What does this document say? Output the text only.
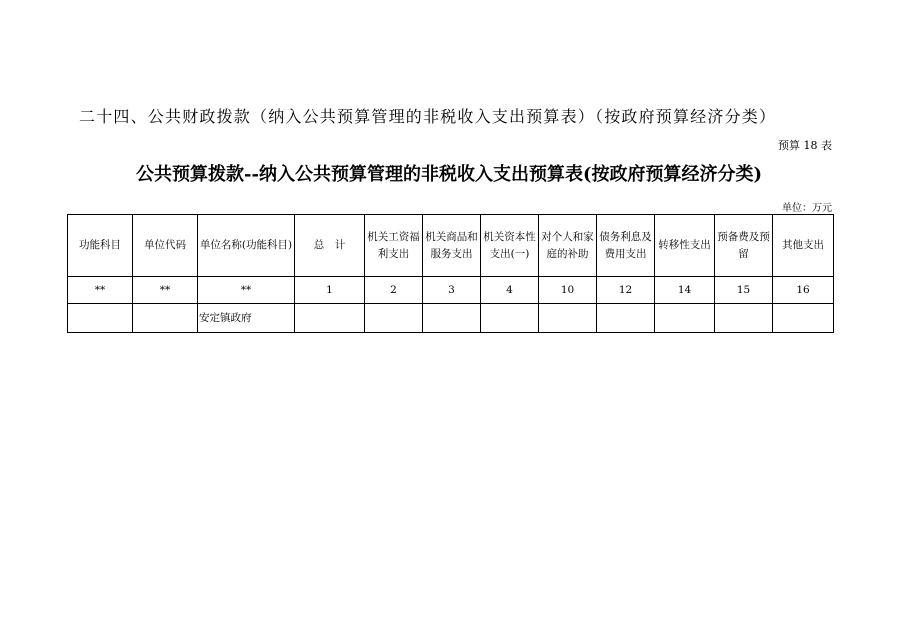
二十四、公共财政拨款（纳入公共预算管理的非税收入支出预算表）（按政府预算经济分类）
预算 18 表
公共预算拨款--纳入公共预算管理的非税收入支出预算表(按政府预算经济分类)
单位：万元
功能科目	单位代码	单位名称(功能科目)	总　计	机关工资福利支出	机关商品和服务支出	机关资本性支出(一)	对个人和家庭的补助	债务利息及费用支出	转移性支出	预备费及预留	其他支出
**	**	**	1	2	3	4	10	12	14	15	16
		安定镇政府									
